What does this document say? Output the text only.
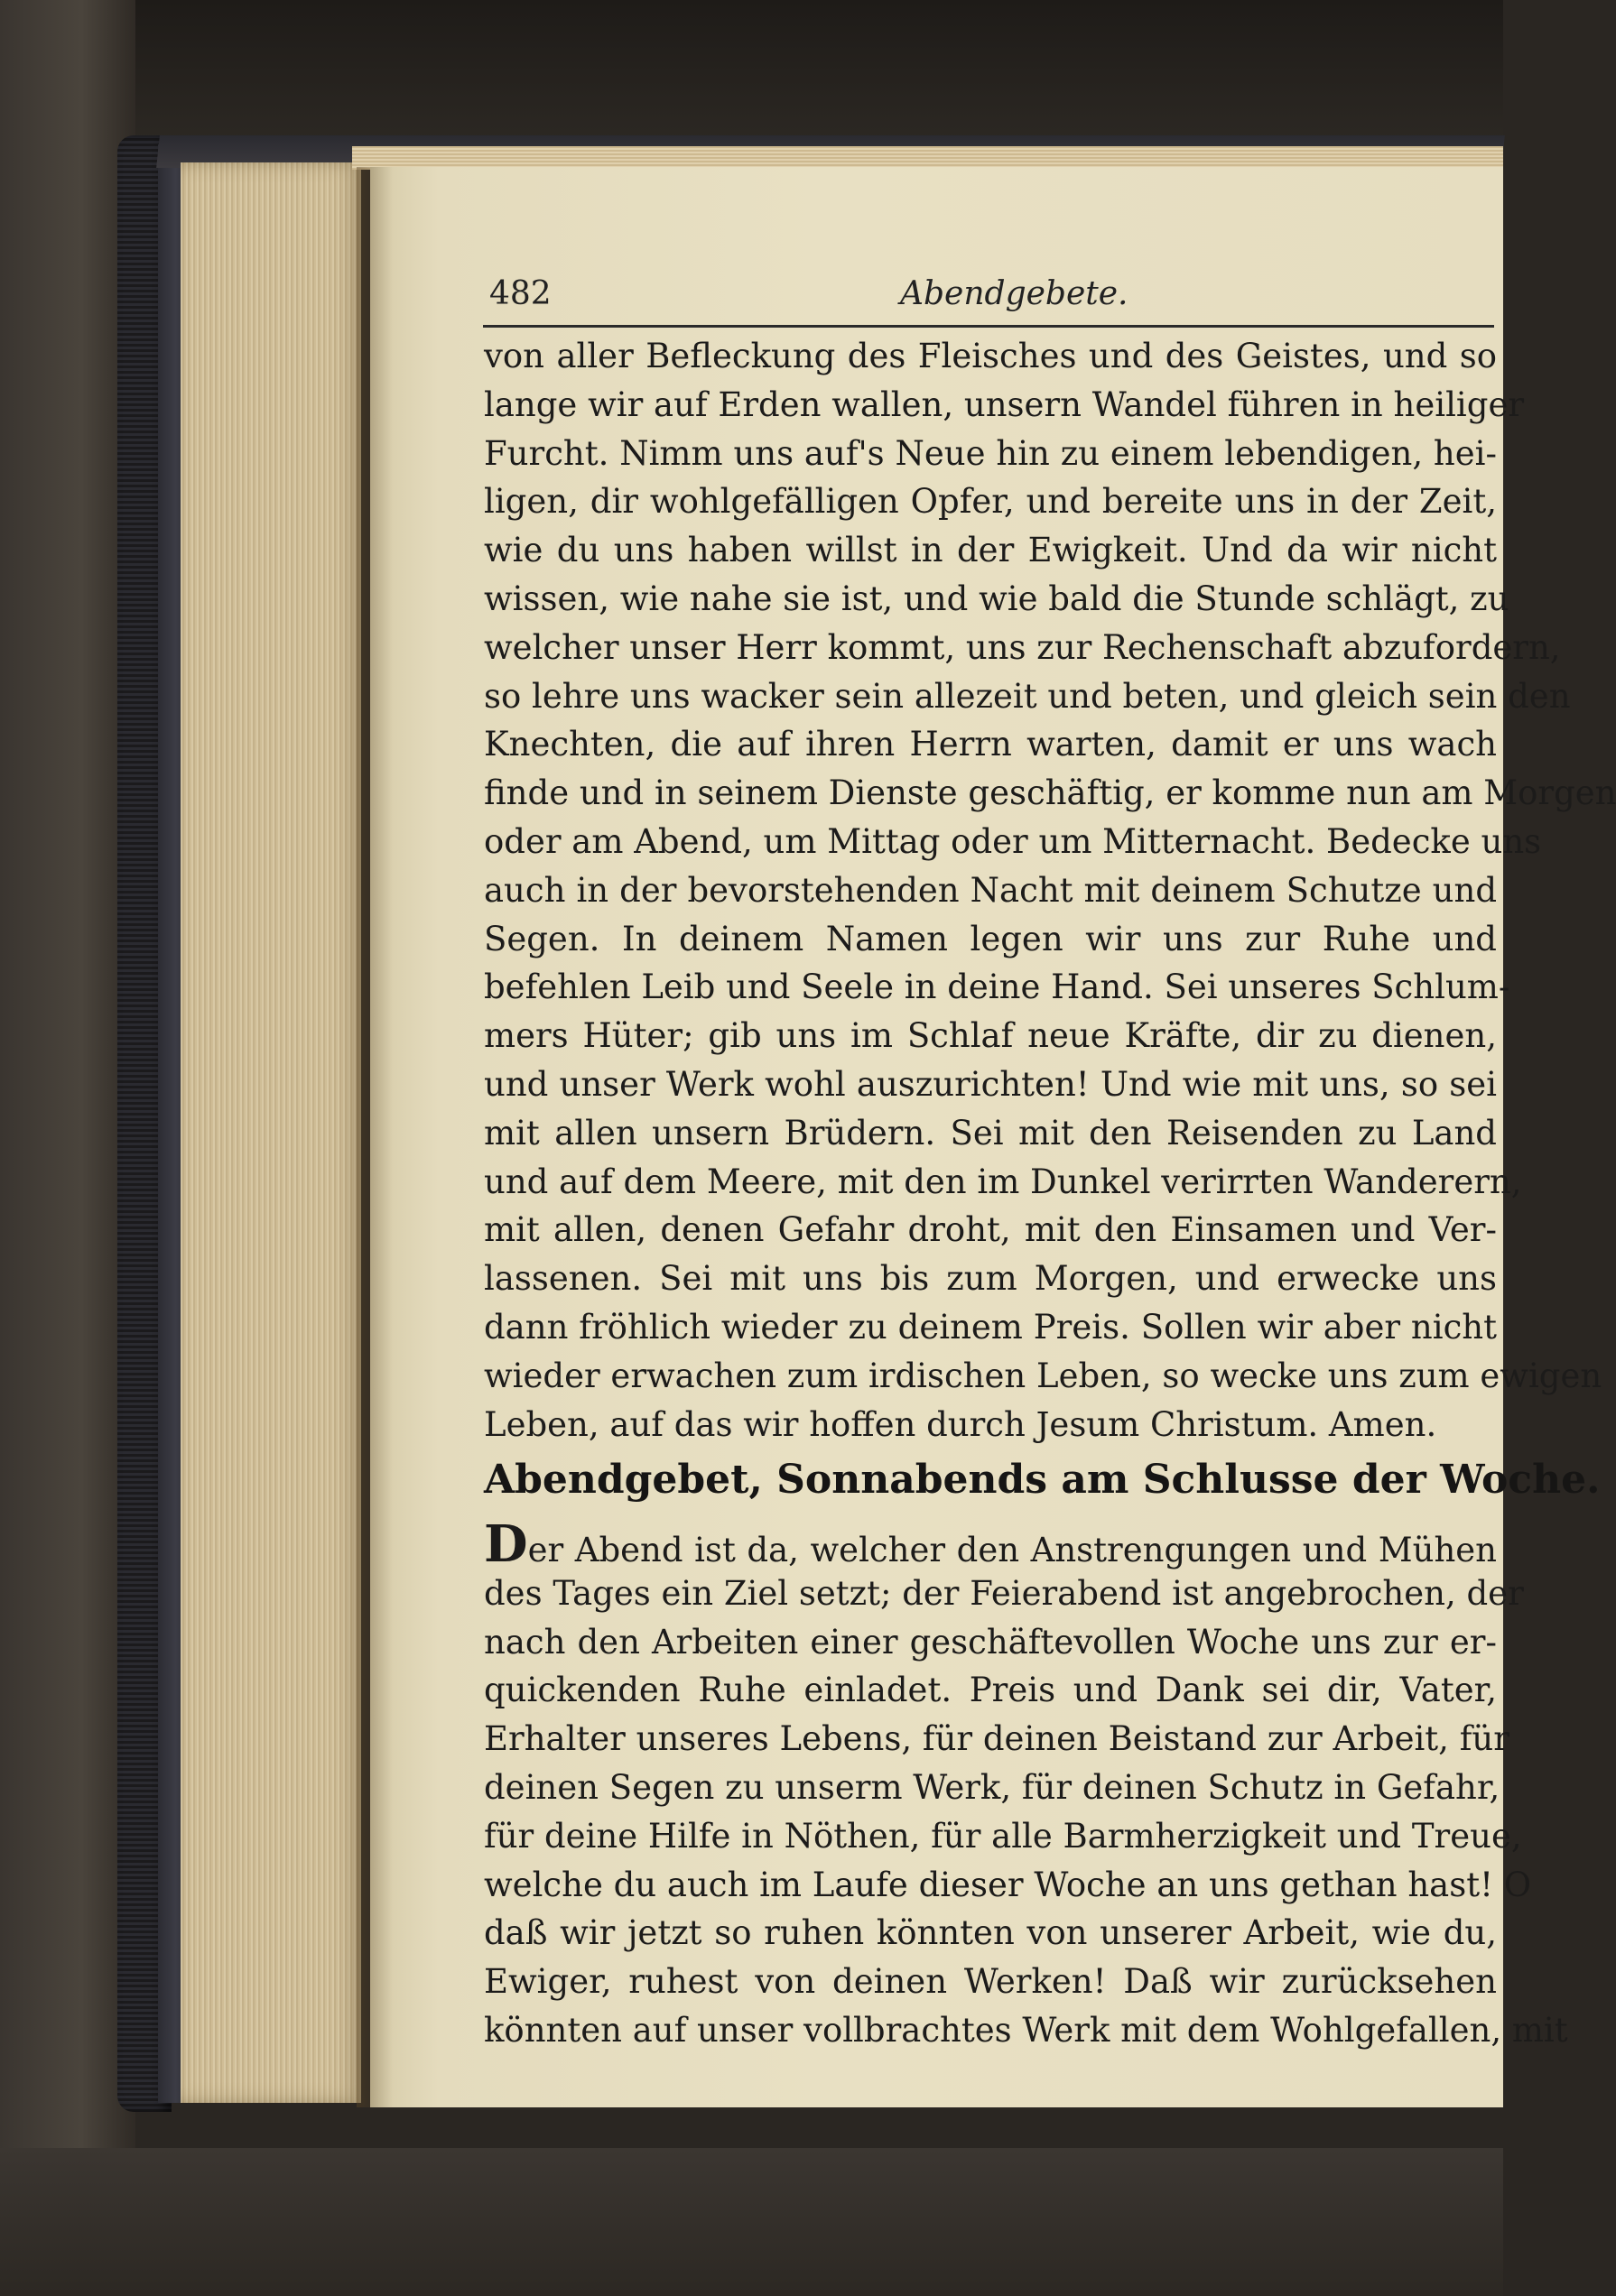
482	Abendgebete.
von aller Befleckung des Fleisches und des Geistes, und so
lange wir auf Erden wallen, unsern Wandel führen in heiliger
Furcht. Nimm uns auf's Neue hin zu einem lebendigen, hei-
ligen, dir wohlgefälligen Opfer, und bereite uns in der Zeit,
wie du uns haben willst in der Ewigkeit. Und da wir nicht
wissen, wie nahe sie ist, und wie bald die Stunde schlägt, zu
welcher unser Herr kommt, uns zur Rechenschaft abzufordern,
so lehre uns wacker sein allezeit und beten, und gleich sein den
Knechten, die auf ihren Herrn warten, damit er uns wach
finde und in seinem Dienste geschäftig, er komme nun am Morgen
oder am Abend, um Mittag oder um Mitternacht. Bedecke uns
auch in der bevorstehenden Nacht mit deinem Schutze und
Segen. In deinem Namen legen wir uns zur Ruhe und
befehlen Leib und Seele in deine Hand. Sei unseres Schlum-
mers Hüter; gib uns im Schlaf neue Kräfte, dir zu dienen,
und unser Werk wohl auszurichten! Und wie mit uns, so sei
mit allen unsern Brüdern. Sei mit den Reisenden zu Land
und auf dem Meere, mit den im Dunkel verirrten Wanderern,
mit allen, denen Gefahr droht, mit den Einsamen und Ver-
lassenen. Sei mit uns bis zum Morgen, und erwecke uns
dann fröhlich wieder zu deinem Preis. Sollen wir aber nicht
wieder erwachen zum irdischen Leben, so wecke uns zum ewigen
Leben, auf das wir hoffen durch Jesum Christum. Amen.
Abendgebet, Sonnabends am Schlusse der Woche.
Der Abend ist da, welcher den Anstrengungen und Mühen
des Tages ein Ziel setzt; der Feierabend ist angebrochen, der
nach den Arbeiten einer geschäftevollen Woche uns zur er-
quickenden Ruhe einladet. Preis und Dank sei dir, Vater,
Erhalter unseres Lebens, für deinen Beistand zur Arbeit, für
deinen Segen zu unserm Werk, für deinen Schutz in Gefahr,
für deine Hilfe in Nöthen, für alle Barmherzigkeit und Treue,
welche du auch im Laufe dieser Woche an uns gethan hast! O
daß wir jetzt so ruhen könnten von unserer Arbeit, wie du,
Ewiger, ruhest von deinen Werken! Daß wir zurücksehen
könnten auf unser vollbrachtes Werk mit dem Wohlgefallen, mit
